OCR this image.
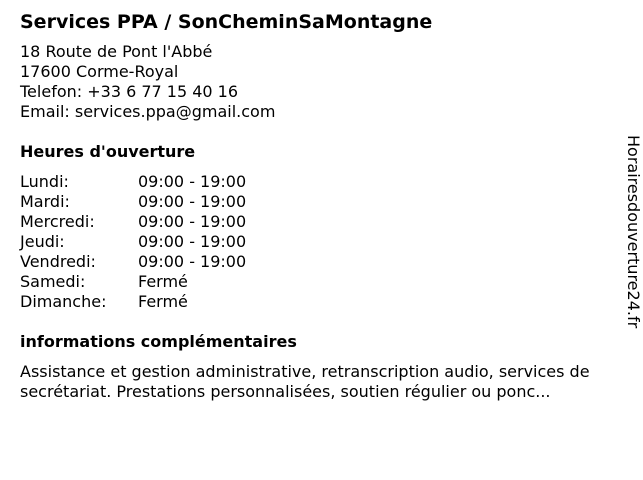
Services PPA / SonCheminSaMontagne
18 Route de Pont l'Abbé
17600 Corme-Royal
Telefon: +33 6 77 15 40 16
Email: services.ppa@gmail.com
Heures d'ouverture
Lundi:	09:00 - 19:00
Mardi:	09:00 - 19:00
Mercredi:	09:00 - 19:00
Jeudi:	09:00 - 19:00
Vendredi:	09:00 - 19:00
Samedi:	Fermé
Dimanche:	Fermé
informations complémentaires
Assistance et gestion administrative, retranscription audio, services de secrétariat. Prestations personnalisées, soutien régulier ou ponc...
Horairesdouverture24.fr
